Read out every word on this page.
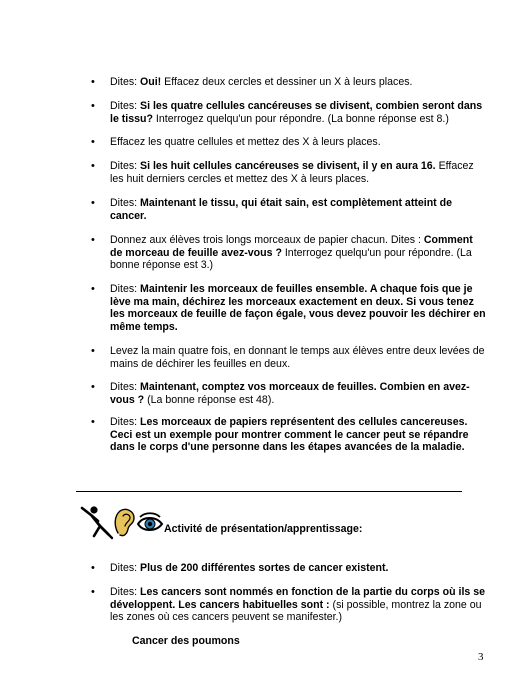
• Dites: Oui! Effacez deux cercles et dessiner un X à leurs places.
• Dites: Si les quatre cellules cancéreuses se divisent, combien seront dans le tissu? Interrogez quelqu'un pour répondre. (La bonne réponse est 8.)
• Effacez les quatre cellules et mettez des X à leurs places.
• Dites: Si les huit cellules cancéreuses se divisent, il y en aura 16. Effacez les huit derniers cercles et mettez des X à leurs places.
• Dites: Maintenant le tissu, qui était sain, est complètement atteint de cancer.
• Donnez aux élèves trois longs morceaux de papier chacun. Dites : Comment de morceau de feuille avez-vous ? Interrogez quelqu'un pour répondre. (La bonne réponse est 3.)
• Dites: Maintenir les morceaux de feuilles ensemble. A chaque fois que je lève ma main, déchirez les morceaux exactement en deux. Si vous tenez les morceaux de feuille de façon égale, vous devez pouvoir les déchirer en même temps.
• Levez la main quatre fois, en donnant le temps aux élèves entre deux levées de mains de déchirer les feuilles en deux.
• Dites: Maintenant, comptez vos morceaux de feuilles. Combien en avez-vous ? (La bonne réponse est 48).
• Dites: Les morceaux de papiers représentent des cellules cancereuses. Ceci est un exemple pour montrer comment le cancer peut se répandre dans le corps d'une personne dans les étapes avancées de la maladie.
Activité de présentation/apprentissage:
• Dites: Plus de 200 différentes sortes de cancer existent.
• Dites: Les cancers sont nommés en fonction de la partie du corps où ils se développent. Les cancers habituelles sont : (si possible, montrez la zone ou les zones où ces cancers peuvent se manifester.)
Cancer des poumons
3
